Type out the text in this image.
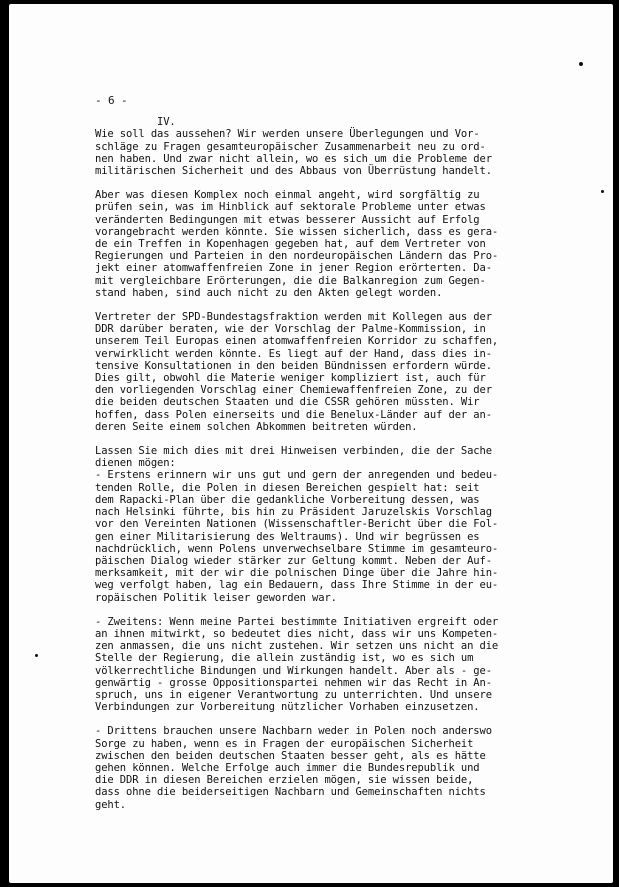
- 6 -
IV.
Wie soll das aussehen? Wir werden unsere Überlegungen und Vor-
schläge zu Fragen gesamteuropäischer Zusammenarbeit neu zu ord-
nen haben. Und zwar nicht allein, wo es sich um die Probleme der
militärischen Sicherheit und des Abbaus von Überrüstung handelt.
Aber was diesen Komplex noch einmal angeht, wird sorgfältig zu
prüfen sein, was im Hinblick auf sektorale Probleme unter etwas
veränderten Bedingungen mit etwas besserer Aussicht auf Erfolg
vorangebracht werden könnte. Sie wissen sicherlich, dass es gera-
de ein Treffen in Kopenhagen gegeben hat, auf dem Vertreter von
Regierungen und Parteien in den nordeuropäischen Ländern das Pro-
jekt einer atomwaffenfreien Zone in jener Region erörterten. Da-
mit vergleichbare Erörterungen, die die Balkanregion zum Gegen-
stand haben, sind auch nicht zu den Akten gelegt worden.
Vertreter der SPD-Bundestagsfraktion werden mit Kollegen aus der
DDR darüber beraten, wie der Vorschlag der Palme-Kommission, in
unserem Teil Europas einen atomwaffenfreien Korridor zu schaffen,
verwirklicht werden könnte. Es liegt auf der Hand, dass dies in-
tensive Konsultationen in den beiden Bündnissen erfordern würde.
Dies gilt, obwohl die Materie weniger kompliziert ist, auch für
den vorliegenden Vorschlag einer Chemiewaffenfreien Zone, zu der
die beiden deutschen Staaten und die CSSR gehören müssten. Wir
hoffen, dass Polen einerseits und die Benelux-Länder auf der an-
deren Seite einem solchen Abkommen beitreten würden.
Lassen Sie mich dies mit drei Hinweisen verbinden, die der Sache
dienen mögen:
- Erstens erinnern wir uns gut und gern der anregenden und bedeu-
tenden Rolle, die Polen in diesen Bereichen gespielt hat: seit
dem Rapacki-Plan über die gedankliche Vorbereitung dessen, was
nach Helsinki führte, bis hin zu Präsident Jaruzelskis Vorschlag
vor den Vereinten Nationen (Wissenschaftler-Bericht über die Fol-
gen einer Militarisierung des Weltraums). Und wir begrüssen es
nachdrücklich, wenn Polens unverwechselbare Stimme im gesamteuro-
päischen Dialog wieder stärker zur Geltung kommt. Neben der Auf-
merksamkeit, mit der wir die polnischen Dinge über die Jahre hin-
weg verfolgt haben, lag ein Bedauern, dass Ihre Stimme in der eu-
ropäischen Politik leiser geworden war.
- Zweitens: Wenn meine Partei bestimmte Initiativen ergreift oder
an ihnen mitwirkt, so bedeutet dies nicht, dass wir uns Kompeten-
zen anmassen, die uns nicht zustehen. Wir setzen uns nicht an die
Stelle der Regierung, die allein zuständig ist, wo es sich um
völkerrechtliche Bindungen und Wirkungen handelt. Aber als - ge-
genwärtig - grosse Oppositionspartei nehmen wir das Recht in An-
spruch, uns in eigener Verantwortung zu unterrichten. Und unsere
Verbindungen zur Vorbereitung nützlicher Vorhaben einzusetzen.
- Drittens brauchen unsere Nachbarn weder in Polen noch anderswo
Sorge zu haben, wenn es in Fragen der europäischen Sicherheit
zwischen den beiden deutschen Staaten besser geht, als es hätte
gehen können. Welche Erfolge auch immer die Bundesrepublik und
die DDR in diesen Bereichen erzielen mögen, sie wissen beide,
dass ohne die beiderseitigen Nachbarn und Gemeinschaften nichts
geht.
